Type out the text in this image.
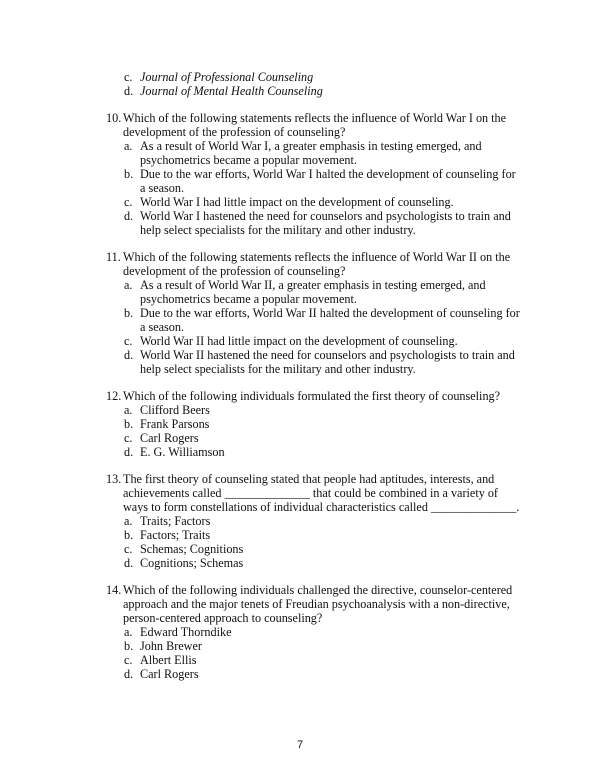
c. Journal of Professional Counseling
d. Journal of Mental Health Counseling
10. Which of the following statements reflects the influence of World War I on the
development of the profession of counseling?
a. As a result of World War I, a greater emphasis in testing emerged, and
psychometrics became a popular movement.
b. Due to the war efforts, World War I halted the development of counseling for
a season.
c. World War I had little impact on the development of counseling.
d. World War I hastened the need for counselors and psychologists to train and
help select specialists for the military and other industry.
11. Which of the following statements reflects the influence of World War II on the
development of the profession of counseling?
a. As a result of World War II, a greater emphasis in testing emerged, and
psychometrics became a popular movement.
b. Due to the war efforts, World War II halted the development of counseling for
a season.
c. World War II had little impact on the development of counseling.
d. World War II hastened the need for counselors and psychologists to train and
help select specialists for the military and other industry.
12. Which of the following individuals formulated the first theory of counseling?
a. Clifford Beers
b. Frank Parsons
c. Carl Rogers
d. E. G. Williamson
13. The first theory of counseling stated that people had aptitudes, interests, and
achievements called ______________ that could be combined in a variety of
ways to form constellations of individual characteristics called ______________.
a. Traits; Factors
b. Factors; Traits
c. Schemas; Cognitions
d. Cognitions; Schemas
14. Which of the following individuals challenged the directive, counselor-centered
approach and the major tenets of Freudian psychoanalysis with a non-directive,
person-centered approach to counseling?
a. Edward Thorndike
b. John Brewer
c. Albert Ellis
d. Carl Rogers
7
